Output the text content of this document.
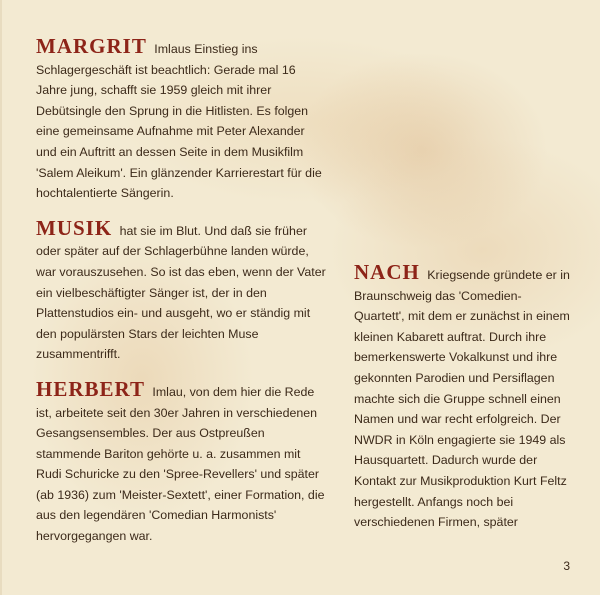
MARGRIT Imlaus Einstieg ins Schlagergeschäft ist beachtlich: Gerade mal 16 Jahre jung, schafft sie 1959 gleich mit ihrer Debütsingle den Sprung in die Hitlisten. Es folgen eine gemeinsame Aufnahme mit Peter Alexander und ein Auftritt an dessen Seite in dem Musikfilm 'Salem Aleikum'. Ein glänzender Karrierestart für die hochtalentierte Sängerin.

MUSIK hat sie im Blut. Und daß sie früher oder später auf der Schlagerbühne landen würde, war vorauszusehen. So ist das eben, wenn der Vater ein vielbeschäftigter Sänger ist, der in den Plattenstudios ein- und ausgeht, wo er ständig mit den populärsten Stars der leichten Muse zusammentrifft.

HERBERT Imlau, von dem hier die Rede ist, arbeitete seit den 30er Jahren in verschiedenen Gesangsensembles. Der aus Ostpreußen stammende Bariton gehörte u. a. zusammen mit Rudi Schuricke zu den 'Spree-Revellers' und später (ab 1936) zum 'Meister-Sextett', einer Formation, die aus den legendären 'Comedian Harmonists' hervorgegangen war.

NACH Kriegsende gründete er in Braunschweig das 'Comedien-Quartett', mit dem er zunächst in einem kleinen Kabarett auftrat. Durch ihre bemerkenswerte Vokalkunst und ihre gekonnten Parodien und Persiflagen machte sich die Gruppe schnell einen Namen und war recht erfolgreich. Der NWDR in Köln engagierte sie 1949 als Hausquartett. Dadurch wurde der Kontakt zur Musikproduktion Kurt Feltz hergestellt. Anfangs noch bei verschiedenen Firmen, später

3
